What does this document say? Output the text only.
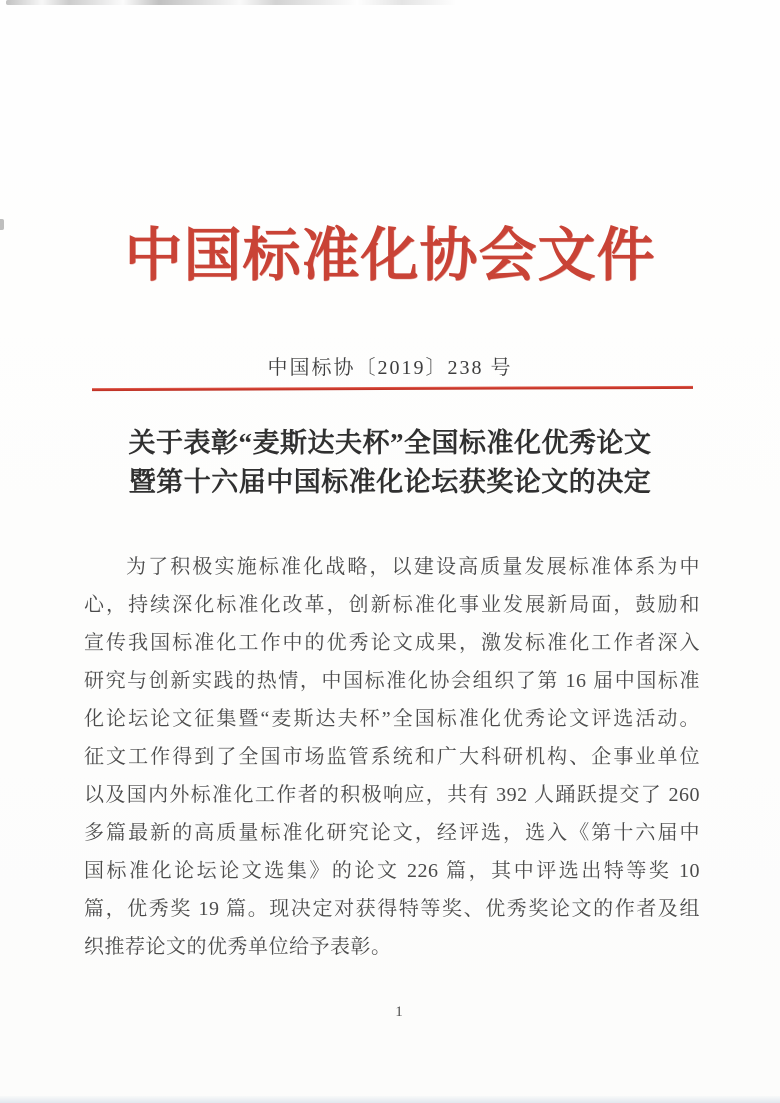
中国标准化协会文件
中国标协〔2019〕238 号
关于表彰“麦斯达夫杯”全国标准化优秀论文
暨第十六届中国标准化论坛获奖论文的决定
为了积极实施标准化战略，以建设高质量发展标准体系为中
心，持续深化标准化改革，创新标准化事业发展新局面，鼓励和
宣传我国标准化工作中的优秀论文成果，激发标准化工作者深入
研究与创新实践的热情，中国标准化协会组织了第 16 届中国标准
化论坛论文征集暨“麦斯达夫杯”全国标准化优秀论文评选活动。
征文工作得到了全国市场监管系统和广大科研机构、企事业单位
以及国内外标准化工作者的积极响应，共有 392 人踊跃提交了 260
多篇最新的高质量标准化研究论文，经评选，选入《第十六届中
国标准化论坛论文选集》的论文 226 篇，其中评选出特等奖 10
篇，优秀奖 19 篇。现决定对获得特等奖、优秀奖论文的作者及组
织推荐论文的优秀单位给予表彰。
1
